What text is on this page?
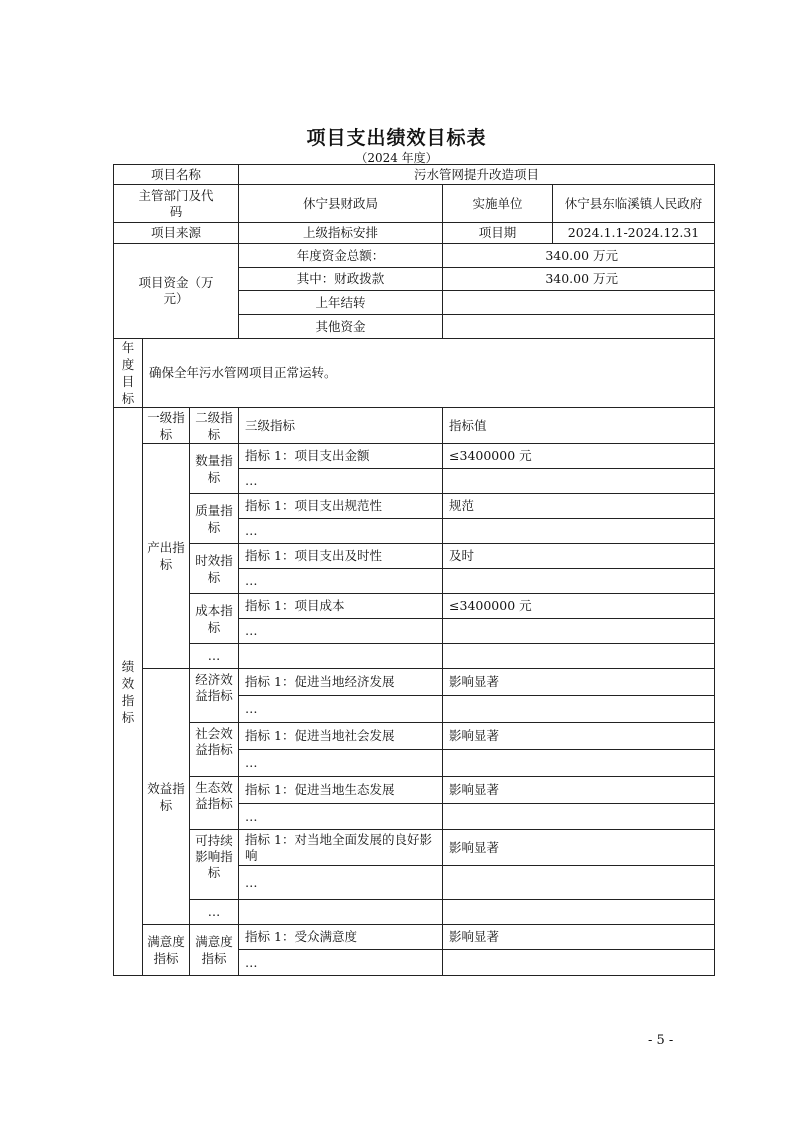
项目支出绩效目标表
（2024 年度）
项目名称			污水管网提升改造项目		
主管部门及代码			休宁县财政局	实施单位	休宁县东临溪镇人民政府
项目来源			上级指标安排	项目期	2024.1.1-2024.12.31
项目资金（万元）			年度资金总额：	340.00 万元	
			其中：财政拨款	340.00 万元	
			上年结转		
			其他资金		
年度目标	确保全年污水管网项目正常运转。				
绩效指标	一级指标	二级指标	三级指标	指标值	
	产出指标	数量指标	指标 1：项目支出金额	≤3400000 元	
			…		
		质量指标	指标 1：项目支出规范性	规范	
			…		
		时效指标	指标 1：项目支出及时性	及时	
			…		
		成本指标	指标 1：项目成本	≤3400000 元	
			…		
		…			
	效益指标	经济效益指标	指标 1：促进当地经济发展	影响显著	
			…		
		社会效益指标	指标 1：促进当地社会发展	影响显著	
			…		
		生态效益指标	指标 1：促进当地生态发展	影响显著	
			…		
		可持续影响指标	指标 1：对当地全面发展的良好影响	影响显著	
			…		
		…			
	满意度指标	满意度指标	指标 1：受众满意度	影响显著	
			…		
- 5 -
